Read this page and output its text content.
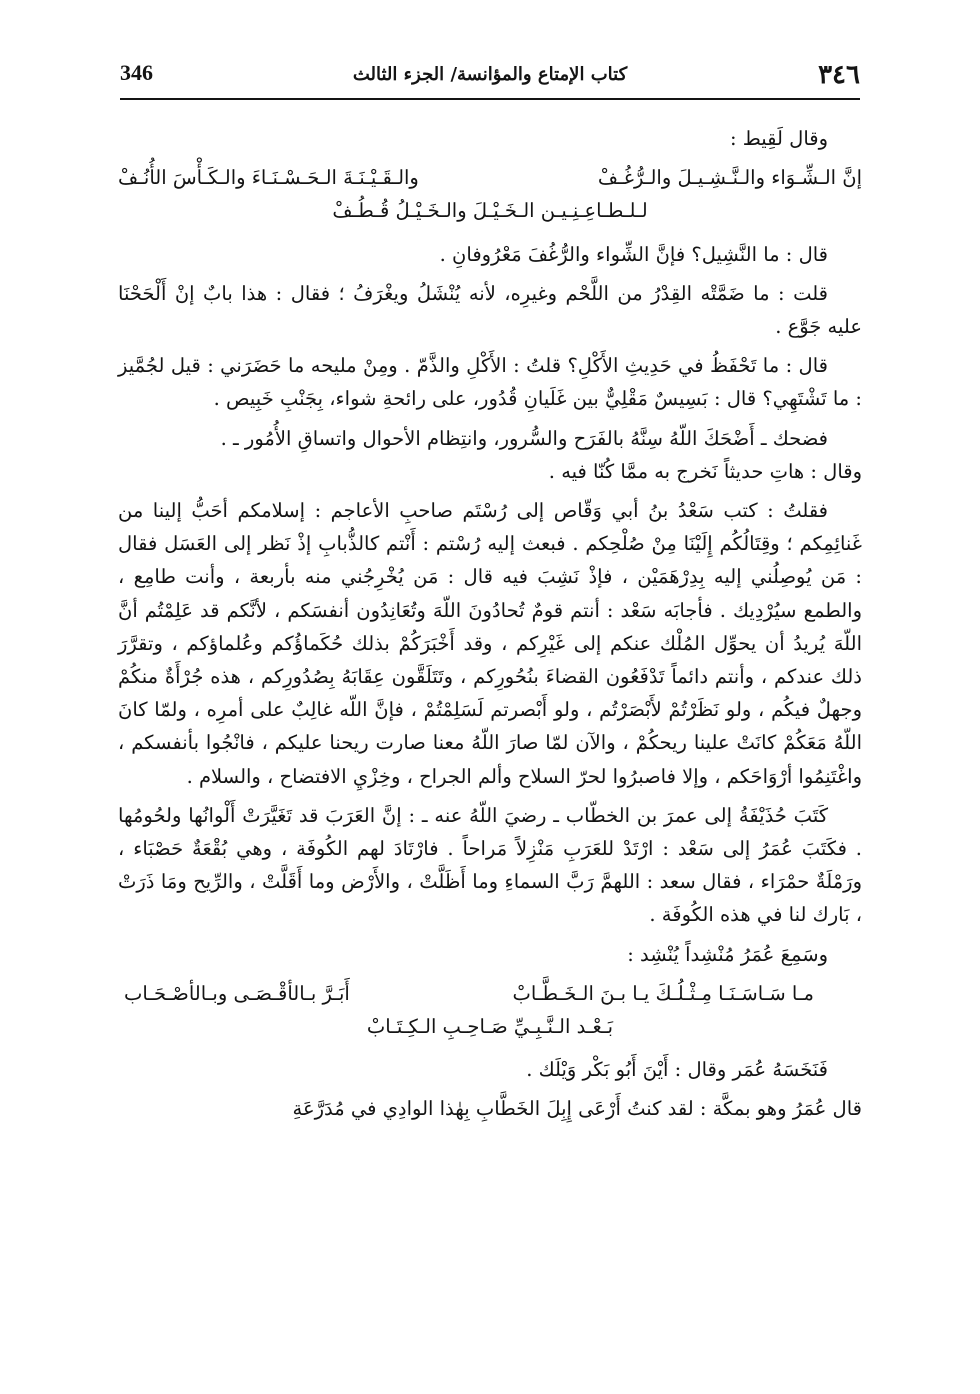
٣٤٦
كتاب الإمتاع والمؤانسة/ الجزء الثالث
346

وقال لَقِيط :

إنَّ الـشِّـوَاء والـنَّـشِـيـلَ والـرُّغُـفْ
والـقَـيْـنَـةَ الـحَـسْـنَـاءَ والـكَـأْسَ الأُنُـفْ
لـلـطـاعِـنِـيـن الـخَـيْـلَ والـخَـيْـلُ قُـطُـفْ

قال : ما النَّشِيل؟ فإنَّ الشِّواء والرُّغُفَ مَعْرُوفانِ .

قلت : ما ضَمَّتْه القِدْرُ من اللَّحْم وغيرِه، لأنه يُنْشَلُ ويغْرَفُ ؛ فقال : هذا بابٌ إنْ أَلْحَحْنَا عليه جَوَّع .

قال : ما تَحْفَظُ في حَدِيثِ الأَكْلِ؟ قلتُ : الأَكْلِ والذَّمّ . ومِنْ مليحه ما حَضَرَني : قيل لجُمَّيز : ما تَشْتَهِي؟ قال : بَسِيسٌ مَقْلِيٌّ بين غَلَيانِ قُدُور، على رائحةِ شواء، بِجَنْبِ خَبِيص .

فضحك ـ أَضْحَكَ اللّهُ سِنَّهُ بالفَرَح والسُّرور، وانتِظام الأحوال واتساقِ الأُمُور ـ .

وقال : هاتِ حديثاً نَخرج به ممَّا كُنّا فيه .

فقلتُ : كتب سَعْدُ بنُ أبي وَقّاص إلى رُسْتَم صاحبِ الأعاجم : إسلامكم أحَبُّ إلينا من غَنائِمِكم ؛ وقِتَالُكُم إِلَيْنَا مِنْ صُلْحِكم . فبعث إليه رُسْتم : أَنْتم كالذُّبابِ إذْ نَظر إلى العَسَل فقال : مَن يُوصِلُني إليه بِدِرْهَمَيْن ، فإذْ نَشِبَ فيه قال : مَن يُخْرِجُني منه بأربعة ، وأنت طامِع ، والطمع سيُرْدِيك . فأجابَه سَعْد : أنتم قومٌ تُحادُونَ اللّهَ وتُعَانِدُون أنفسَكم ، لأنَّكم قد عَلِمْتُم أنَّ اللّهَ يُريدُ أن يحوِّل المُلْك عنكم إلى غَيْرِكم ، وقد أَخْبَرَكُمْ بذلك حُكَماؤُكم وعُلماؤكم ، وتقرَّرَ ذلك عندكم ، وأنتم دائماً تَدْفَعُون القضاءَ بنُحُورِكم ، وتَتَلَقَّون عِقَابَهُ بِصُدُورِكم ، هذه جُرْأَةٌ منكُمْ وجهلٌ فيكُم ، ولو نَظَرْتُمْ لأَبْصَرْتُم ، ولو أَبْصرتم لَسَلِمْتُمْ ، فإنَّ اللّه غالِبٌ على أمرِه ، ولمّا كانَ اللّهُ مَعَكُمْ كانَتْ علينا ريحكُمْ ، والآن لمّا صارَ اللّهُ معنا صارت ريحنا عليكم ، فانْجُوا بأنفسكم ، واغْتَنِمُوا أرْوَاحَكم ، وإلا فاصبرُوا لحرّ السلاح وألم الجراح ، وخِزْيِ الافتضاح ، والسلام .

كَتَبَ حُذَيْفَةُ إلى عمرَ بن الخطّاب ـ رضيَ اللّهُ عنه ـ : إنَّ العَرَبَ قد تَغَيَّرَتْ أَلْوانُها ولحُومُها . فكَتَبَ عُمَرُ إلى سَعْد : ارْتَدْ للعَرَبِ مَنْزِلاً مَراحاً . فارْتَادَ لهم الكُوفَة ، وهي بُقْعَةٌ حَصْبَاء ، ورَمْلَةٌ حمْرَاء ، فقال سعد : اللهمَّ رَبَّ السماءِ وما أَظَلَّتْ ، والأَرْض وما أَقَلَّتْ ، والرِّيح ومَا ذَرَتْ ، بَارك لنا في هذه الكُوفَة .

وسَمِعَ عُمَرُ مُنْشِداً يُنْشِد :

مـا سَـاسَـنَـا مِـثْـلُـكَ يـا بـنَ الـخَـطَّـابْ
أَبَـرَّ بـالأقْـصَـى وبـالأصْـحَـاب
بَـعْـد الـنَّـبِـيِّ صَـاحِـبِ الـكِـتَـابْ

فَنَخَسَهُ عُمَر وقال : أَيْنَ أَبُو بَكْر وَيْلَك .

قال عُمَرُ وهو بمكَّة : لقد كنتُ أَرْعَى إِبِلَ الخَطَّابِ بِهٰذا الوادِي في مُدَرَّعَةِ
